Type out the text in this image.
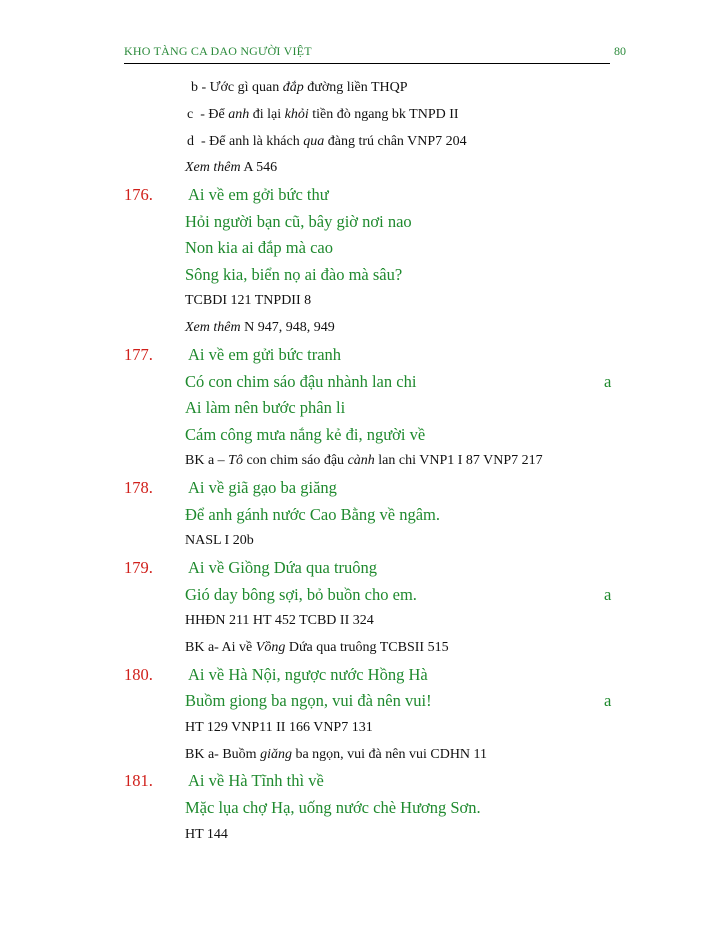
KHO TÀNG CA DAO NGƯỜI VIỆT	80
b - Ước gì quan đắp đường liền THQP
c - Để anh đi lại khỏi tiền đò ngang bk TNPD II
d - Để anh là khách qua đàng trú chân VNP7 204
Xem thêm A 546
176. Ai về em gởi bức thư
Hỏi người bạn cũ, bây giờ nơi nao
Non kia ai đắp mà cao
Sông kia, biển nọ ai đào mà sâu?
TCBDI 121 TNPDII 8
Xem thêm N 947, 948, 949
177. Ai về em gửi bức tranh
Có con chim sáo đậu nhành lan chi	a
Ai làm nên bước phân li
Cám công mưa nắng kẻ đi, người về
BK a – Tô con chim sáo đậu cành lan chi VNP1 I 87 VNP7 217
178. Ai về giã gạo ba giăng
Để anh gánh nước Cao Bằng về ngâm.
NASL I 20b
179. Ai về Giồng Dứa qua truông
Gió day bông sợi, bỏ buồn cho em.	a
HHĐN 211 HT 452 TCBD II 324
BK a- Ai về Vồng Dứa qua truông TCBSII 515
180. Ai về Hà Nội, ngược nước Hồng Hà
Buồm giong ba ngọn, vui đà nên vui!	a
HT 129 VNP11 II 166 VNP7 131
BK a- Buồm giăng ba ngọn, vui đà nên vui CDHN 11
181. Ai về Hà Tĩnh thì về
Mặc lụa chợ Hạ, uống nước chè Hương Sơn.
HT 144
